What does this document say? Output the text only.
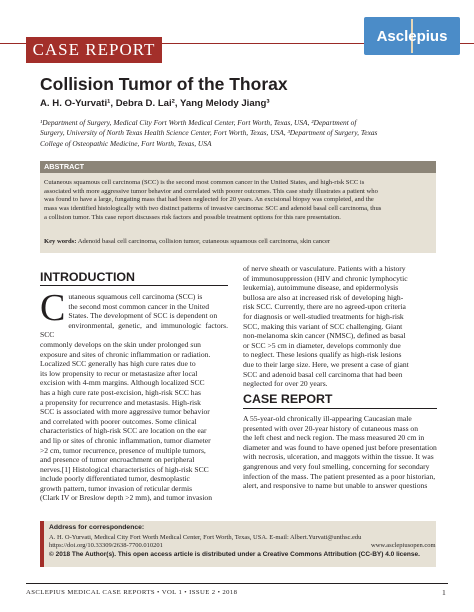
CASE REPORT
Asclepius
Collision Tumor of the Thorax
A. H. O-Yurvati¹, Debra D. Lai², Yang Melody Jiang³
¹Department of Surgery, Medical City Fort Worth Medical Center, Fort Worth, Texas, USA, ²Department of
Surgery, University of North Texas Health Science Center, Fort Worth, Texas, USA, ³Department of Surgery, Texas
College of Osteopathic Medicine, Fort Worth, Texas, USA
ABSTRACT
Cutaneous squamous cell carcinoma (SCC) is the second most common cancer in the United States, and high-risk SCC is
associated with more aggressive tumor behavior and correlated with poorer outcomes. This case study illustrates a patient who
was found to have a large, fungating mass that had been neglected for 20 years. An excisional biopsy was completed, and the
mass was identified histologically with two distinct patterns of invasive carcinoma: SCC and adenoid basal cell carcinoma, thus
a collision tumor. This case report discusses risk factors and possible treatment options for this rare presentation.
Key words: Adenoid basal cell carcinoma, collision tumor, cutaneous squamous cell carcinoma, skin cancer
INTRODUCTION
C utaneous squamous cell carcinoma (SCC) is
the second most common cancer in the United
States. The development of SCC is dependent on
environmental, genetic, and immunologic factors. SCC
commonly develops on the skin under prolonged sun
exposure and sites of chronic inflammation or radiation.
Localized SCC generally has high cure rates due to
its low propensity to recur or metastasize after local
excision with 4-mm margins. Although localized SCC
has a high cure rate post-excision, high-risk SCC has
a propensity for recurrence and metastasis. High-risk
SCC is associated with more aggressive tumor behavior
and correlated with poorer outcomes. Some clinical
characteristics of high-risk SCC are location on the ear
and lip or sites of chronic inflammation, tumor diameter
>2 cm, tumor recurrence, presence of multiple tumors,
and presence of tumor encroachment on peripheral
nerves.[1] Histological characteristics of high-risk SCC
include poorly differentiated tumor, desmoplastic
growth pattern, tumor invasion of reticular dermis
(Clark IV or Breslow depth >2 mm), and tumor invasion
of nerve sheath or vasculature. Patients with a history
of immunosuppression (HIV and chronic lymphocytic
leukemia), autoimmune disease, and epidermolysis
bullosa are also at increased risk of developing high-
risk SCC. Currently, there are no agreed-upon criteria
for diagnosis or well-studied treatments for high-risk
SCC, making this variant of SCC challenging. Giant
non-melanoma skin cancer (NMSC), defined as basal
or SCC >5 cm in diameter, develops commonly due
to neglect. These lesions qualify as high-risk lesions
due to their large size. Here, we present a case of giant
SCC and adenoid basal cell carcinoma that had been
neglected for over 20 years.
CASE REPORT
A 55-year-old chronically ill-appearing Caucasian male
presented with over 20-year history of cutaneous mass on
the left chest and neck region. The mass measured 20 cm in
diameter and was found to have opened just before presentation
with necrosis, ulceration, and maggots within the tissue. It was
gangrenous and very foul smelling, concerning for secondary
infection of the mass. The patient presented as a poor historian,
alert, and responsive to name but unable to answer questions
Address for correspondence:
A. H. O-Yurvati, Medical City Fort Worth Medical Center, Fort Worth, Texas, USA. E-mail: Albert.Yurvati@unthsc.edu
https://doi.org/10.33309/2638-7700.010201	www.asclepiusopen.com
© 2018 The Author(s). This open access article is distributed under a Creative Commons Attribution (CC-BY) 4.0 license.
ASCLEPIUS MEDICAL CASE REPORTS • VOL 1 • ISSUE 2 • 2018	1
